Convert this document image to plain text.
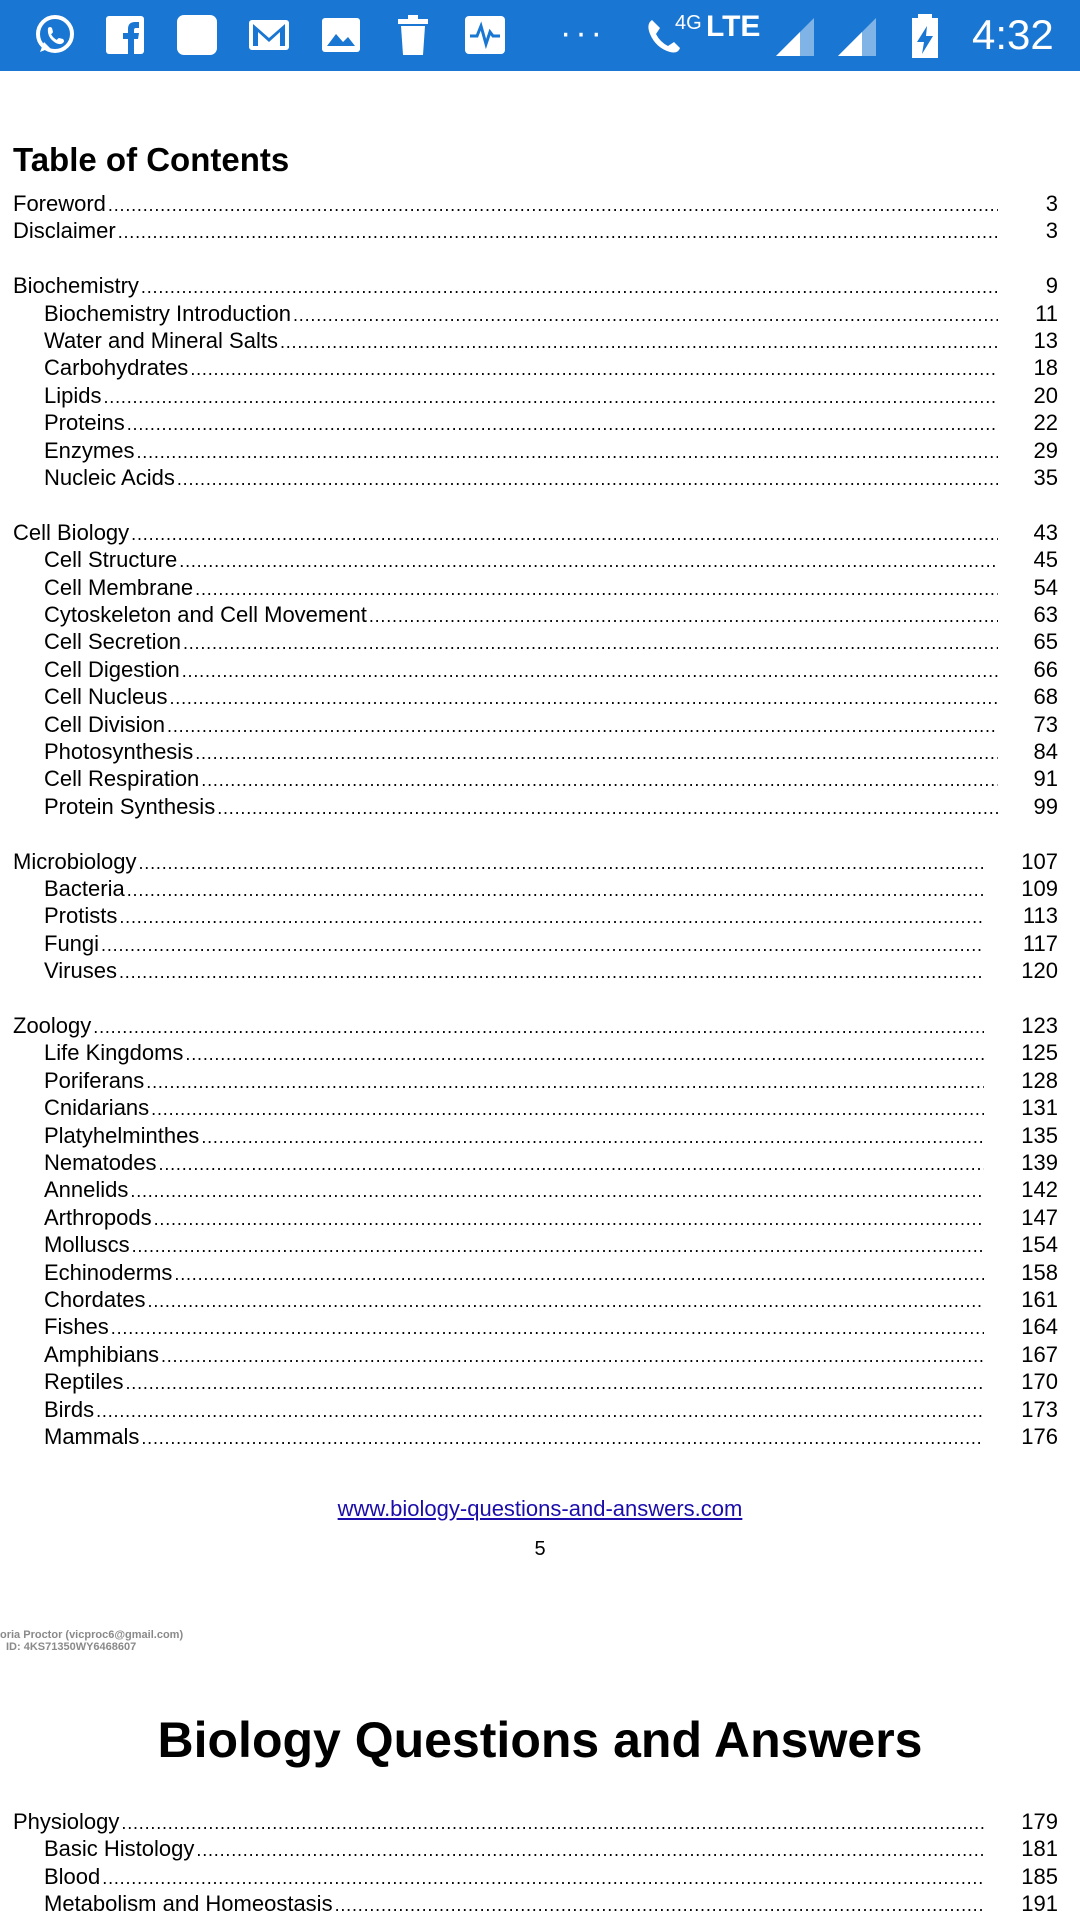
···	4G LTE	4:32
Table of Contents
Foreword .....	3
Disclaimer .....	3
Biochemistry .....	9
Biochemistry Introduction .....	11
Water and Mineral Salts .....	13
Carbohydrates .....	18
Lipids .....	20
Proteins .....	22
Enzymes .....	29
Nucleic Acids .....	35
Cell Biology .....	43
Cell Structure .....	45
Cell Membrane .....	54
Cytoskeleton and Cell Movement .....	63
Cell Secretion .....	65
Cell Digestion .....	66
Cell Nucleus .....	68
Cell Division .....	73
Photosynthesis .....	84
Cell Respiration .....	91
Protein Synthesis .....	99
Microbiology .....	107
Bacteria .....	109
Protists .....	113
Fungi .....	117
Viruses .....	120
Zoology .....	123
Life Kingdoms .....	125
Poriferans .....	128
Cnidarians .....	131
Platyhelminthes .....	135
Nematodes .....	139
Annelids .....	142
Arthropods .....	147
Molluscs .....	154
Echinoderms .....	158
Chordates .....	161
Fishes .....	164
Amphibians .....	167
Reptiles .....	170
Birds .....	173
Mammals .....	176
www.biology-questions-and-answers.com
5
oria Proctor (vicproc6@gmail.com)
ID: 4KS71350WY6468607
Biology Questions and Answers
Physiology .....	179
Basic Histology .....	181
Blood .....	185
Metabolism and Homeostasis .....	191
